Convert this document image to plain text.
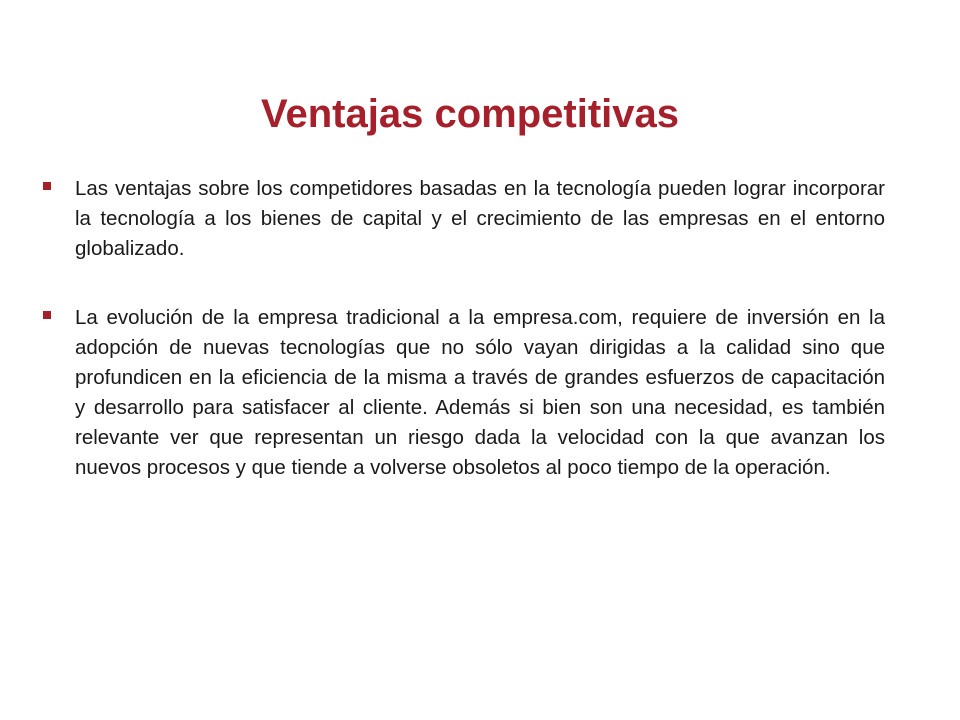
Ventajas competitivas
Las ventajas sobre los competidores basadas en la tecnología pueden lograr incorporar la tecnología a los bienes de capital y el crecimiento de las empresas en el entorno globalizado.
La evolución de la empresa tradicional a la empresa.com, requiere de inversión en la adopción de nuevas tecnologías que no sólo vayan dirigidas a la calidad sino que profundicen en la eficiencia de la misma a través de grandes esfuerzos de capacitación y desarrollo para satisfacer al cliente. Además si bien son una necesidad, es también relevante ver que representan un riesgo dada la velocidad con la que avanzan los nuevos procesos y que tiende a volverse obsoletos al poco tiempo de la operación.
